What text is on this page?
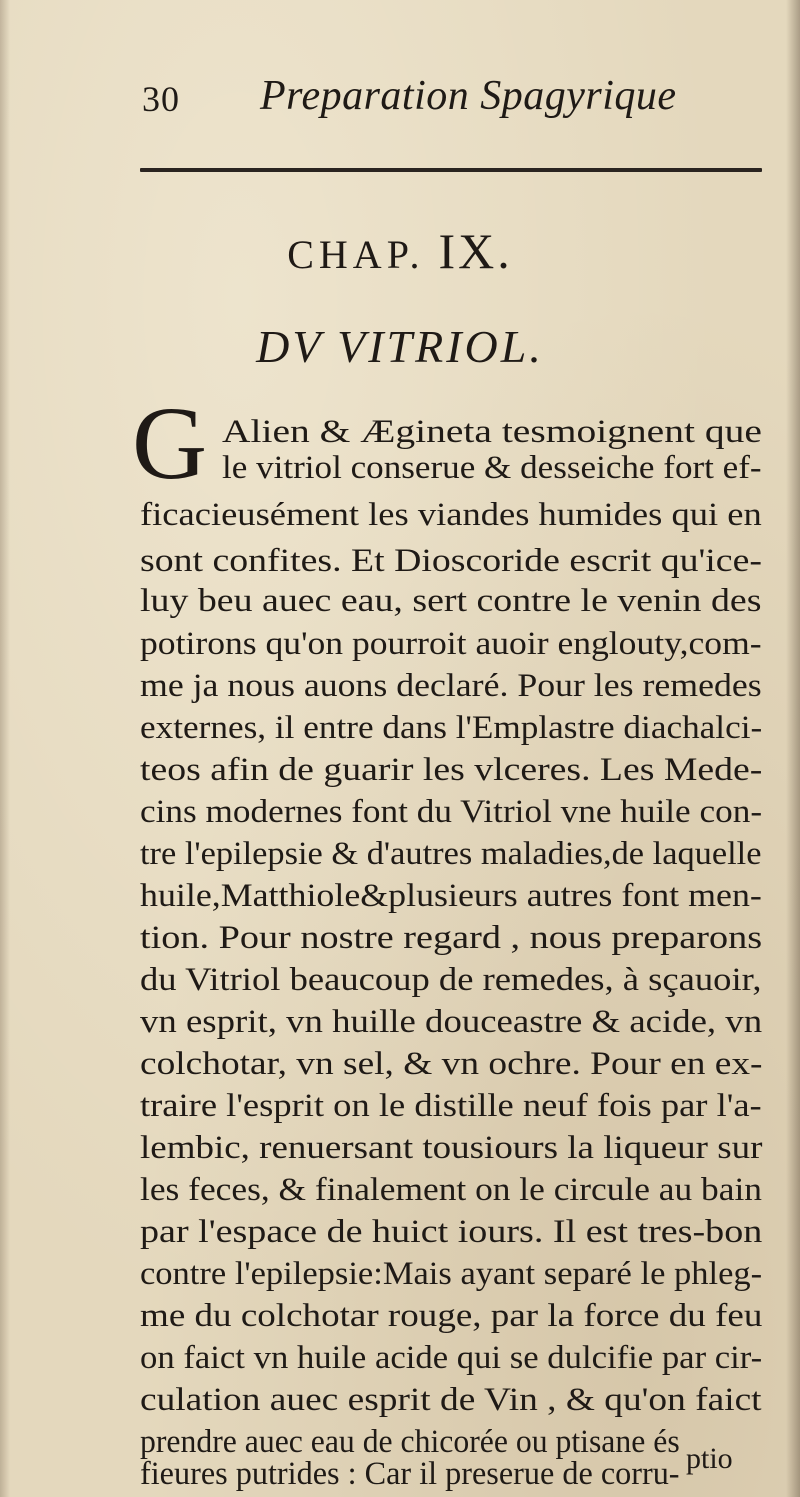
30 Preparation Spagyrique
CHAP. IX.
DV VITRIOL.
G Alien & Ægineta tesmoignent que
le vitriol conserue & desseiche fort ef-
ficacieusément les viandes humides qui en
sont confites. Et Dioscoride escrit qu'ice-
luy beu auec eau, sert contre le venin des
potirons qu'on pourroit auoir englouty,com-
me ja nous auons declaré. Pour les remedes
externes, il entre dans l'Emplastre diachalci-
teos afin de guarir les vlceres. Les Mede-
cins modernes font du Vitriol vne huile con-
tre l'epilepsie & d'autres maladies,de laquelle
huile,Matthiole&plusieurs autres font men-
tion. Pour nostre regard , nous preparons
du Vitriol beaucoup de remedes, à sçauoir,
vn esprit, vn huille douceastre & acide, vn
colchotar, vn sel, & vn ochre. Pour en ex-
traire l'esprit on le distille neuf fois par l'a-
lembic, renuersant tousiours la liqueur sur
les feces, & finalement on le circule au bain
par l'espace de huict iours. Il est tres-bon
contre l'epilepsie:Mais ayant separé le phleg-
me du colchotar rouge, par la force du feu
on faict vn huile acide qui se dulcifie par cir-
culation auec esprit de Vin , & qu'on faict
prendre auec eau de chicorée ou ptisane és
fieures putrides : Car il preserue de corru- ptio
